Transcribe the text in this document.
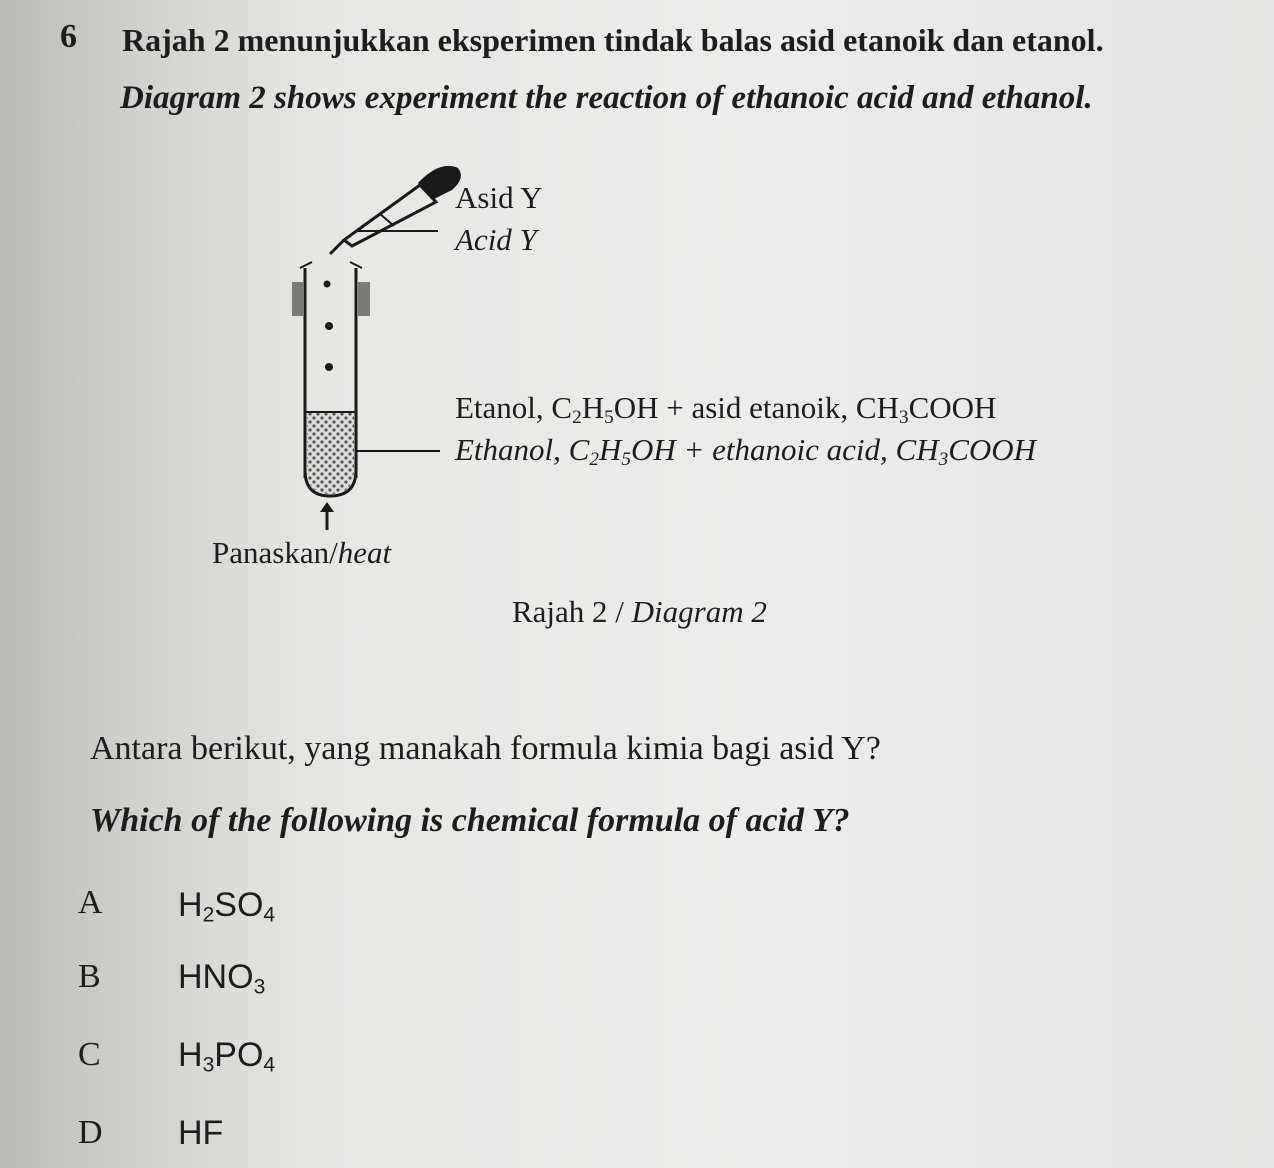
6 Rajah 2 menunjukkan eksperimen tindak balas asid etanoik dan etanol.
Diagram 2 shows experiment the reaction of ethanoic acid and ethanol.
Asid Y
Acid Y
Etanol, $C_2H_5OH$ + asid etanoik, $CH_3COOH$
Ethanol, $C_2H_5OH$ + ethanoic acid, $CH_3COOH$
Panaskan/heat
Rajah 2 / Diagram 2
Antara berikut, yang manakah formula kimia bagi asid Y?
Which of the following is chemical formula of acid Y?
A $H_2SO_4$
B $HNO_3$
C $H_3PO_4$
D HF
